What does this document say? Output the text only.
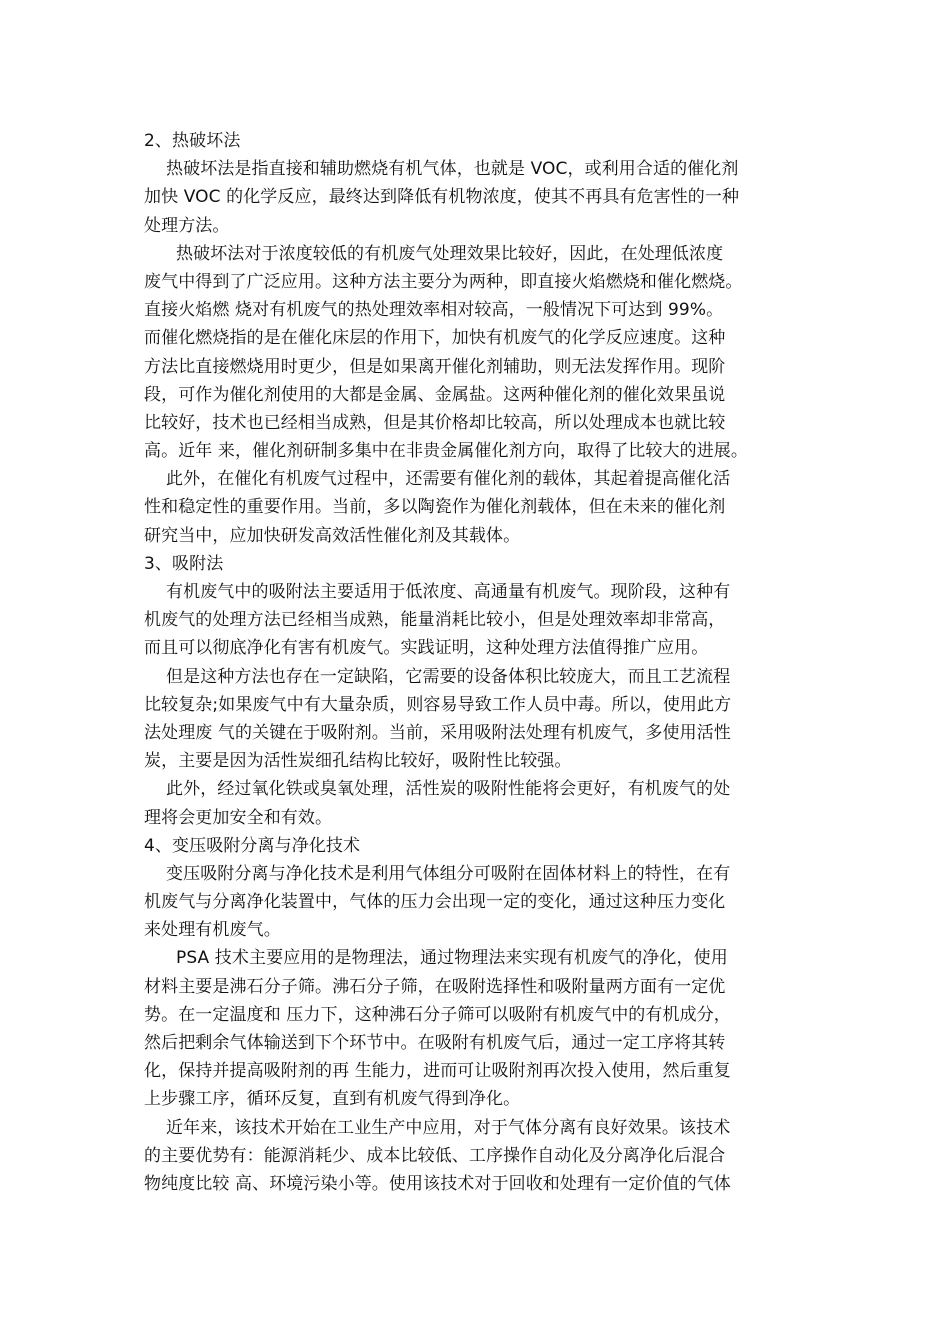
2、热破坏法
热破坏法是指直接和辅助燃烧有机气体，也就是 VOC，或利用合适的催化剂
加快 VOC 的化学反应，最终达到降低有机物浓度，使其不再具有危害性的一种
处理方法。
热破坏法对于浓度较低的有机废气处理效果比较好，因此，在处理低浓度
废气中得到了广泛应用。这种方法主要分为两种，即直接火焰燃烧和催化燃烧。
直接火焰燃 烧对有机废气的热处理效率相对较高，一般情况下可达到 99%。
而催化燃烧指的是在催化床层的作用下，加快有机废气的化学反应速度。这种
方法比直接燃烧用时更少，但是如果离开催化剂辅助，则无法发挥作用。现阶
段，可作为催化剂使用的大都是金属、金属盐。这两种催化剂的催化效果虽说
比较好，技术也已经相当成熟，但是其价格却比较高，所以处理成本也就比较
高。近年 来，催化剂研制多集中在非贵金属催化剂方向，取得了比较大的进展。
此外，在催化有机废气过程中，还需要有催化剂的载体，其起着提高催化活
性和稳定性的重要作用。当前，多以陶瓷作为催化剂载体，但在未来的催化剂
研究当中，应加快研发高效活性催化剂及其载体。
3、吸附法
有机废气中的吸附法主要适用于低浓度、高通量有机废气。现阶段，这种有
机废气的处理方法已经相当成熟，能量消耗比较小，但是处理效率却非常高，
而且可以彻底净化有害有机废气。实践证明，这种处理方法值得推广应用。
但是这种方法也存在一定缺陷，它需要的设备体积比较庞大，而且工艺流程
比较复杂;如果废气中有大量杂质，则容易导致工作人员中毒。所以，使用此方
法处理废 气的关键在于吸附剂。当前，采用吸附法处理有机废气，多使用活性
炭，主要是因为活性炭细孔结构比较好，吸附性比较强。
此外，经过氧化铁或臭氧处理，活性炭的吸附性能将会更好，有机废气的处
理将会更加安全和有效。
4、变压吸附分离与净化技术
变压吸附分离与净化技术是利用气体组分可吸附在固体材料上的特性，在有
机废气与分离净化装置中，气体的压力会出现一定的变化，通过这种压力变化
来处理有机废气。
PSA 技术主要应用的是物理法，通过物理法来实现有机废气的净化，使用
材料主要是沸石分子筛。沸石分子筛，在吸附选择性和吸附量两方面有一定优
势。在一定温度和 压力下，这种沸石分子筛可以吸附有机废气中的有机成分，
然后把剩余气体输送到下个环节中。在吸附有机废气后，通过一定工序将其转
化，保持并提高吸附剂的再 生能力，进而可让吸附剂再次投入使用，然后重复
上步骤工序，循环反复，直到有机废气得到净化。
近年来，该技术开始在工业生产中应用，对于气体分离有良好效果。该技术
的主要优势有：能源消耗少、成本比较低、工序操作自动化及分离净化后混合
物纯度比较 高、环境污染小等。使用该技术对于回收和处理有一定价值的气体
